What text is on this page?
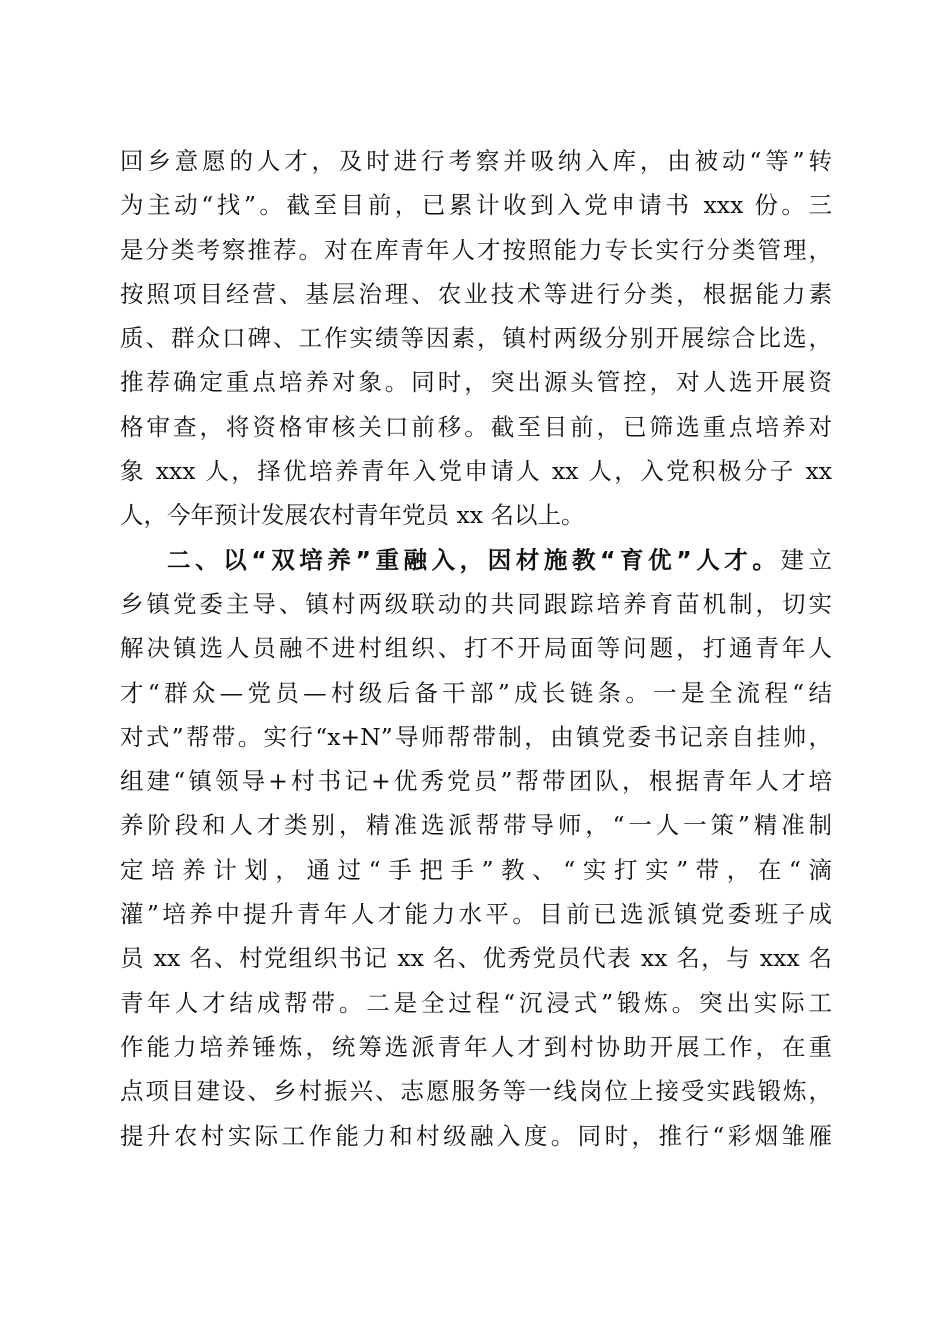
回乡意愿的人才，及时进行考察并吸纳入库，由被动“等”转
为主动“找”。截至目前，已累计收到入党申请书 xxx 份。三
是分类考察推荐。对在库青年人才按照能力专长实行分类管理，
按照项目经营、基层治理、农业技术等进行分类，根据能力素
质、群众口碑、工作实绩等因素，镇村两级分别开展综合比选，
推荐确定重点培养对象。同时，突出源头管控，对人选开展资
格审查，将资格审核关口前移。截至目前，已筛选重点培养对
象 xxx 人，择优培养青年入党申请人 xx 人，入党积极分子 xx
人，今年预计发展农村青年党员 xx 名以上。
二、以“双培养”重融入，因材施教“育优”人才。建立
乡镇党委主导、镇村两级联动的共同跟踪培养育苗机制，切实
解决镇选人员融不进村组织、打不开局面等问题，打通青年人
才“群众—党员—村级后备干部”成长链条。一是全流程“结
对式”帮带。实行“x+N”导师帮带制，由镇党委书记亲自挂帅，
组建“镇领导+村书记+优秀党员”帮带团队，根据青年人才培
养阶段和人才类别，精准选派帮带导师，“一人一策”精准制
定培养计划，通过“手把手”教、“实打实”带，在“滴
灌”培养中提升青年人才能力水平。目前已选派镇党委班子成
员 xx 名、村党组织书记 xx 名、优秀党员代表 xx 名，与 xxx 名
青年人才结成帮带。二是全过程“沉浸式”锻炼。突出实际工
作能力培养锤炼，统筹选派青年人才到村协助开展工作，在重
点项目建设、乡村振兴、志愿服务等一线岗位上接受实践锻炼，
提升农村实际工作能力和村级融入度。同时，推行“彩烟雏雁
